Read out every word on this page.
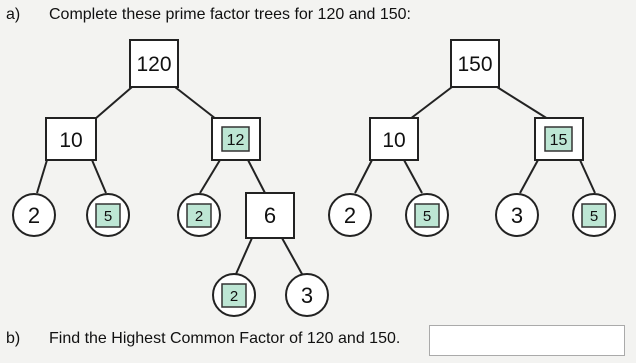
120
10	12
2	5	2	6
2	3
150
10	15
2	5	3	5
a) Complete these prime factor trees for 120 and 150:
b) Find the Highest Common Factor of 120 and 150.
